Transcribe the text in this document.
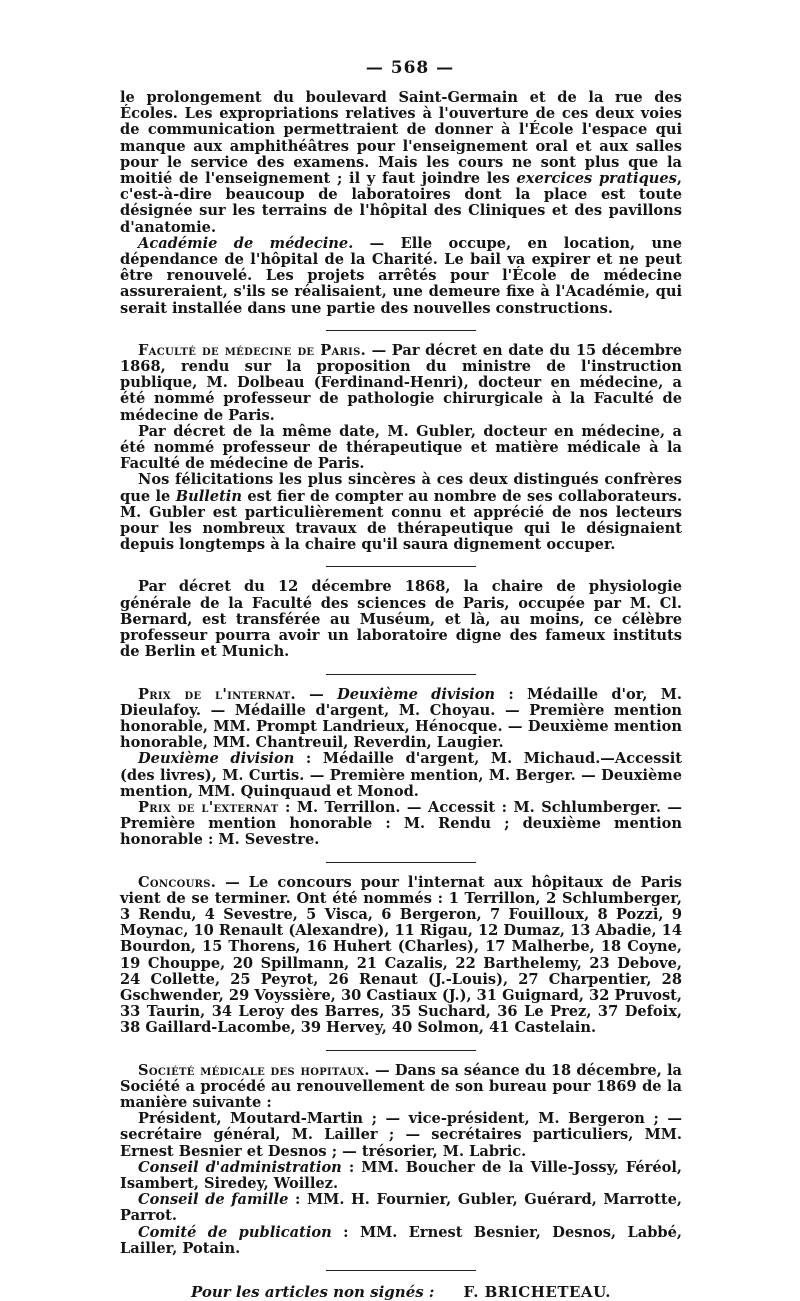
— 568 —

le prolongement du boulevard Saint-Germain et de la rue des Écoles. Les expropriations relatives à l'ouverture de ces deux voies de communication permettraient de donner à l'École l'espace qui manque aux amphithéâtres pour l'enseignement oral et aux salles pour le service des examens. Mais les cours ne sont plus que la moitié de l'enseignement ; il y faut joindre les exercices pratiques, c'est-à-dire beaucoup de laboratoires dont la place est toute désignée sur les terrains de l'hôpital des Cliniques et des pavillons d'anatomie.

Académie de médecine. — Elle occupe, en location, une dépendance de l'hôpital de la Charité. Le bail va expirer et ne peut être renouvelé. Les projets arrêtés pour l'École de médecine assureraient, s'ils se réalisaient, une demeure fixe à l'Académie, qui serait installée dans une partie des nouvelles constructions.

Faculté de médecine de Paris. — Par décret en date du 15 décembre 1868, rendu sur la proposition du ministre de l'instruction publique, M. Dolbeau (Ferdinand-Henri), docteur en médecine, a été nommé professeur de pathologie chirurgicale à la Faculté de médecine de Paris.

Par décret de la même date, M. Gubler, docteur en médecine, a été nommé professeur de thérapeutique et matière médicale à la Faculté de médecine de Paris.

Nos félicitations les plus sincères à ces deux distingués confrères que le Bulletin est fier de compter au nombre de ses collaborateurs. M. Gubler est particulièrement connu et apprécié de nos lecteurs pour les nombreux travaux de thérapeutique qui le désignaient depuis longtemps à la chaire qu'il saura dignement occuper.

Par décret du 12 décembre 1868, la chaire de physiologie générale de la Faculté des sciences de Paris, occupée par M. Cl. Bernard, est transférée au Muséum, et là, au moins, ce célèbre professeur pourra avoir un laboratoire digne des fameux instituts de Berlin et Munich.

Prix de l'internat. — Deuxième division : Médaille d'or, M. Dieulafoy. — Médaille d'argent, M. Choyau. — Première mention honorable, MM. Prompt Landrieux, Hénocque. — Deuxième mention honorable, MM. Chantreuil, Reverdin, Laugier.

Deuxième division : Médaille d'argent, M. Michaud.—Accessit (des livres), M. Curtis. — Première mention, M. Berger. — Deuxième mention, MM. Quinquaud et Monod.

Prix de l'externat : M. Terrillon. — Accessit : M. Schlumberger. — Première mention honorable : M. Rendu ; deuxième mention honorable : M. Sevestre.

Concours. — Le concours pour l'internat aux hôpitaux de Paris vient de se terminer. Ont été nommés : 1 Terrillon, 2 Schlumberger, 3 Rendu, 4 Sevestre, 5 Visca, 6 Bergeron, 7 Fouilloux, 8 Pozzi, 9 Moynac, 10 Renault (Alexandre), 11 Rigau, 12 Dumaz, 13 Abadie, 14 Bourdon, 15 Thorens, 16 Huhert (Charles), 17 Malherbe, 18 Coyne, 19 Chouppe, 20 Spillmann, 21 Cazalis, 22 Barthelemy, 23 Debove, 24 Collette, 25 Peyrot, 26 Renaut (J.-Louis), 27 Charpentier, 28 Gschwender, 29 Voyssière, 30 Castiaux (J.), 31 Guignard, 32 Pruvost, 33 Taurin, 34 Leroy des Barres, 35 Suchard, 36 Le Prez, 37 Defoix, 38 Gaillard-Lacombe, 39 Hervey, 40 Solmon, 41 Castelain.

Société médicale des hopitaux. — Dans sa séance du 18 décembre, la Société a procédé au renouvellement de son bureau pour 1869 de la manière suivante :

Président, Moutard-Martin ; — vice-président, M. Bergeron ; — secrétaire général, M. Lailler ; — secrétaires particuliers, MM. Ernest Besnier et Desnos ; — trésorier, M. Labric.

Conseil d'administration : MM. Boucher de la Ville-Jossy, Féréol, Isambert, Siredey, Woillez.

Conseil de famille : MM. H. Fournier, Gubler, Guérard, Marrotte, Parrot.

Comité de publication : MM. Ernest Besnier, Desnos, Labbé, Lailler, Potain.

Pour les articles non signés : F. BRICHETEAU.
